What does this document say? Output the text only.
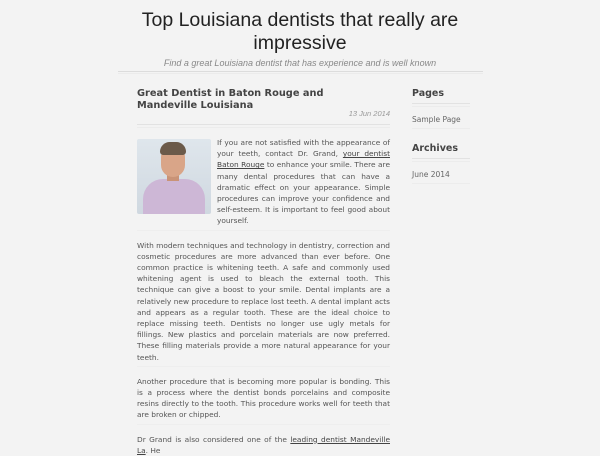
Top Louisiana dentists that really are impressive
Find a great Louisiana dentist that has experience and is well known
Great Dentist in Baton Rouge and Mandeville Louisiana
13 Jun 2014

If you are not satisfied with the appearance of your teeth, contact Dr. Grand, your dentist Baton Rouge to enhance your smile. There are many dental procedures that can have a dramatic effect on your appearance. Simple procedures can improve your confidence and self-esteem. It is important to feel good about yourself.

With modern techniques and technology in dentistry, correction and cosmetic procedures are more advanced than ever before. One common practice is whitening teeth. A safe and commonly used whitening agent is used to bleach the external tooth. This technique can give a boost to your smile. Dental implants are a relatively new procedure to replace lost teeth. A dental implant acts and appears as a regular tooth. These are the ideal choice to replace missing teeth. Dentists no longer use ugly metals for fillings. New plastics and porcelain materials are now preferred. These filling materials provide a more natural appearance for your teeth.

Another procedure that is becoming more popular is bonding. This is a process where the dentist bonds porcelains and composite resins directly to the tooth. This procedure works well for teeth that are broken or chipped.

Dr Grand is also considered one of the leading dentist Mandeville La. He

Pages
Sample Page
Archives
June 2014
